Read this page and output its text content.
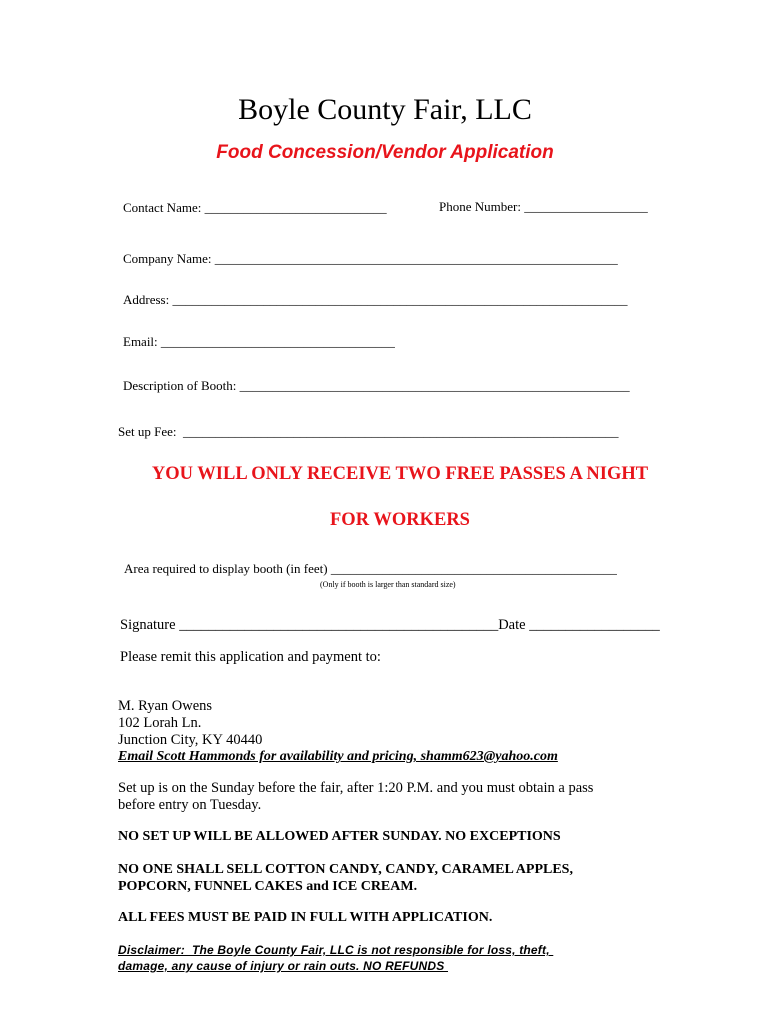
Boyle County Fair, LLC
Food Concession/Vendor Application
Contact Name: ____________________________	Phone Number: ___________________
Company Name: ______________________________________________________________
Address: ______________________________________________________________________
Email: ____________________________________
Description of Booth: ____________________________________________________________
Set up Fee:  ___________________________________________________________________
YOU WILL ONLY RECEIVE TWO FREE PASSES A NIGHT
FOR WORKERS
Area required to display booth (in feet) ____________________________________________
(Only if booth is larger than standard size)
Signature ____________________________________________Date __________________
Please remit this application and payment to:
M. Ryan Owens
102 Lorah Ln.
Junction City, KY 40440
Email Scott Hammonds for availability and pricing, shamm623@yahoo.com
Set up is on the Sunday before the fair, after 1:20 P.M. and you must obtain a pass
before entry on Tuesday.
NO SET UP WILL BE ALLOWED AFTER SUNDAY. NO EXCEPTIONS
NO ONE SHALL SELL COTTON CANDY, CANDY, CARAMEL APPLES,
POPCORN, FUNNEL CAKES and ICE CREAM.
ALL FEES MUST BE PAID IN FULL WITH APPLICATION.
Disclaimer:  The Boyle County Fair, LLC is not responsible for loss, theft,
damage, any cause of injury or rain outs. NO REFUNDS
